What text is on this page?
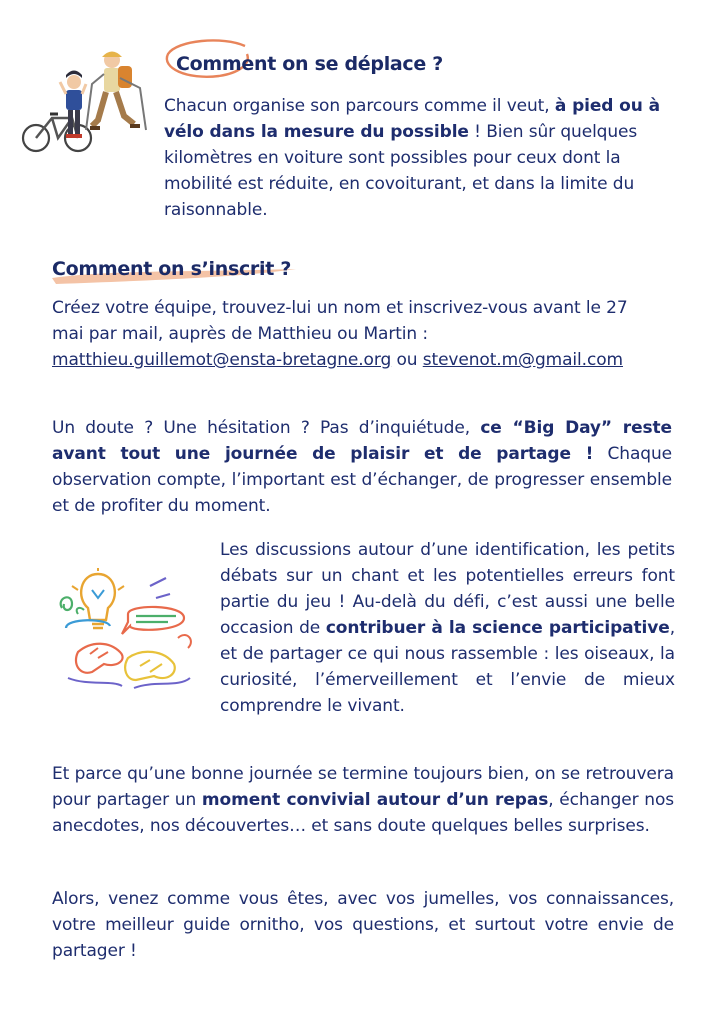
Comment on se déplace ?
Chacun organise son parcours comme il veut, à pied ou à vélo dans la mesure du possible ! Bien sûr quelques kilomètres en voiture sont possibles pour ceux dont la mobilité est réduite, en covoiturant, et dans la limite du raisonnable.
Comment on s’inscrit ?
Créez votre équipe, trouvez-lui un nom et inscrivez-vous avant le 27 mai par mail, auprès de Matthieu ou Martin : matthieu.guillemot@ensta-bretagne.org ou stevenot.m@gmail.com
Un doute ? Une hésitation ? Pas d’inquiétude, ce “Big Day” reste avant tout une journée de plaisir et de partage ! Chaque observation compte, l’important est d’échanger, de progresser ensemble et de profiter du moment.
Les discussions autour d’une identification, les petits débats sur un chant et les potentielles erreurs font partie du jeu ! Au-delà du défi, c’est aussi une belle occasion de contribuer à la science participative, et de partager ce qui nous rassemble : les oiseaux, la curiosité, l’émerveillement et l’envie de mieux comprendre le vivant.
Et parce qu’une bonne journée se termine toujours bien, on se retrouvera pour partager un moment convivial autour d’un repas, échanger nos anecdotes, nos découvertes… et sans doute quelques belles surprises.
Alors, venez comme vous êtes, avec vos jumelles, vos connaissances, votre meilleur guide ornitho, vos questions, et surtout votre envie de partager !
